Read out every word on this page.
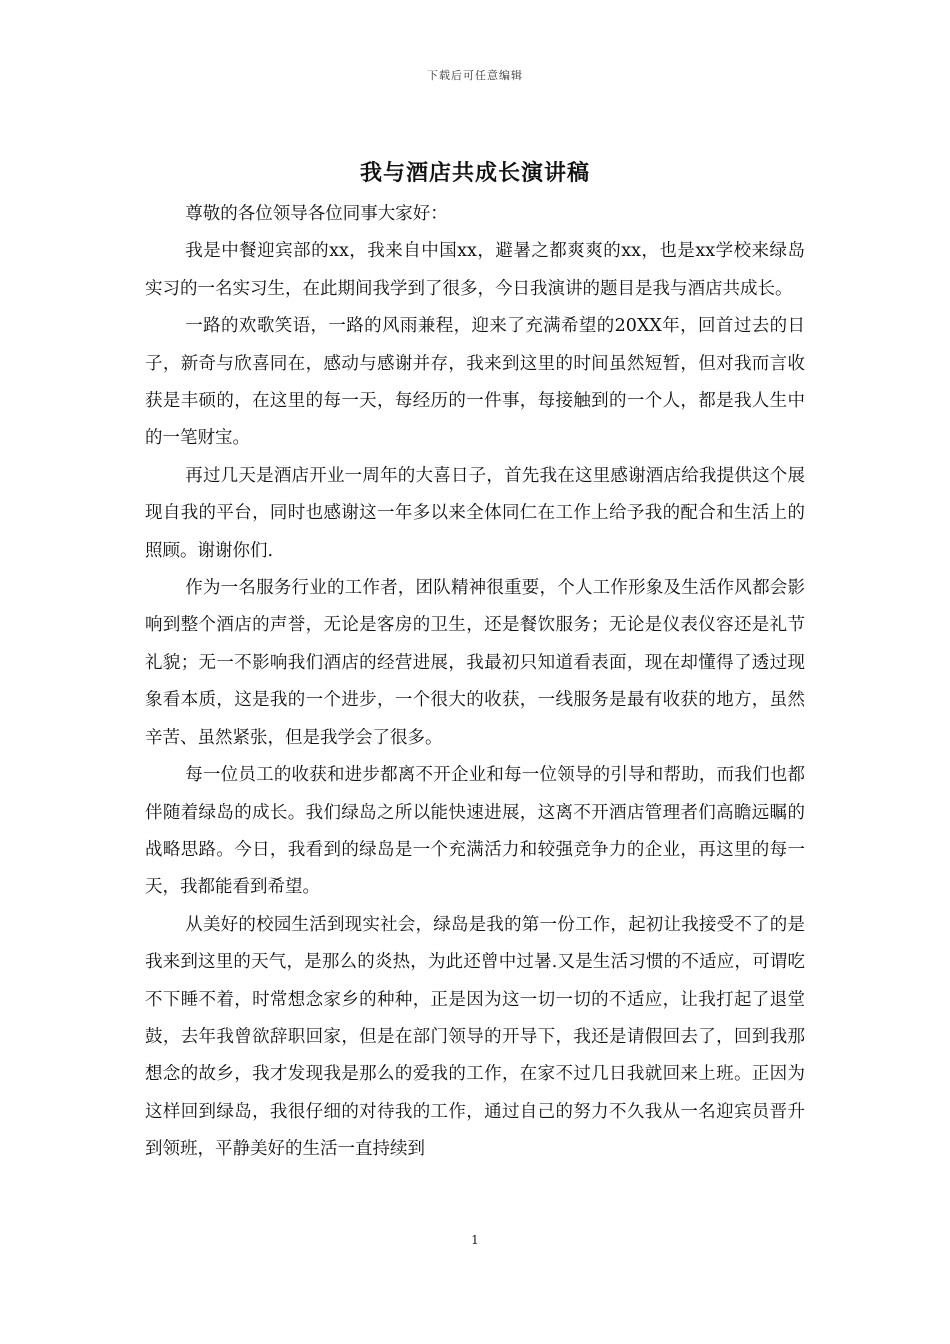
下载后可任意编辑
我与酒店共成长演讲稿

尊敬的各位领导各位同事大家好：

我是中餐迎宾部的xx，我来自中国xx，避暑之都爽爽的xx，也是xx学校来绿岛实习的一名实习生，在此期间我学到了很多，今日我演讲的题目是我与酒店共成长。

一路的欢歌笑语，一路的风雨兼程，迎来了充满希望的20XX年，回首过去的日子，新奇与欣喜同在，感动与感谢并存，我来到这里的时间虽然短暂，但对我而言收获是丰硕的，在这里的每一天，每经历的一件事，每接触到的一个人，都是我人生中的一笔财宝。

再过几天是酒店开业一周年的大喜日子，首先我在这里感谢酒店给我提供这个展现自我的平台，同时也感谢这一年多以来全体同仁在工作上给予我的配合和生活上的照顾。谢谢你们.

作为一名服务行业的工作者，团队精神很重要，个人工作形象及生活作风都会影响到整个酒店的声誉，无论是客房的卫生，还是餐饮服务；无论是仪表仪容还是礼节礼貌；无一不影响我们酒店的经营进展，我最初只知道看表面，现在却懂得了透过现象看本质，这是我的一个进步，一个很大的收获，一线服务是最有收获的地方，虽然辛苦、虽然紧张，但是我学会了很多。

每一位员工的收获和进步都离不开企业和每一位领导的引导和帮助，而我们也都伴随着绿岛的成长。我们绿岛之所以能快速进展，这离不开酒店管理者们高瞻远瞩的战略思路。今日，我看到的绿岛是一个充满活力和较强竞争力的企业，再这里的每一天，我都能看到希望。

从美好的校园生活到现实社会，绿岛是我的第一份工作，起初让我接受不了的是我来到这里的天气，是那么的炎热，为此还曾中过暑.又是生活习惯的不适应，可谓吃不下睡不着，时常想念家乡的种种，正是因为这一切一切的不适应，让我打起了退堂鼓，去年我曾欲辞职回家，但是在部门领导的开导下，我还是请假回去了，回到我那想念的故乡，我才发现我是那么的爱我的工作，在家不过几日我就回来上班。正因为这样回到绿岛，我很仔细的对待我的工作，通过自己的努力不久我从一名迎宾员晋升到领班，平静美好的生活一直持续到

1
